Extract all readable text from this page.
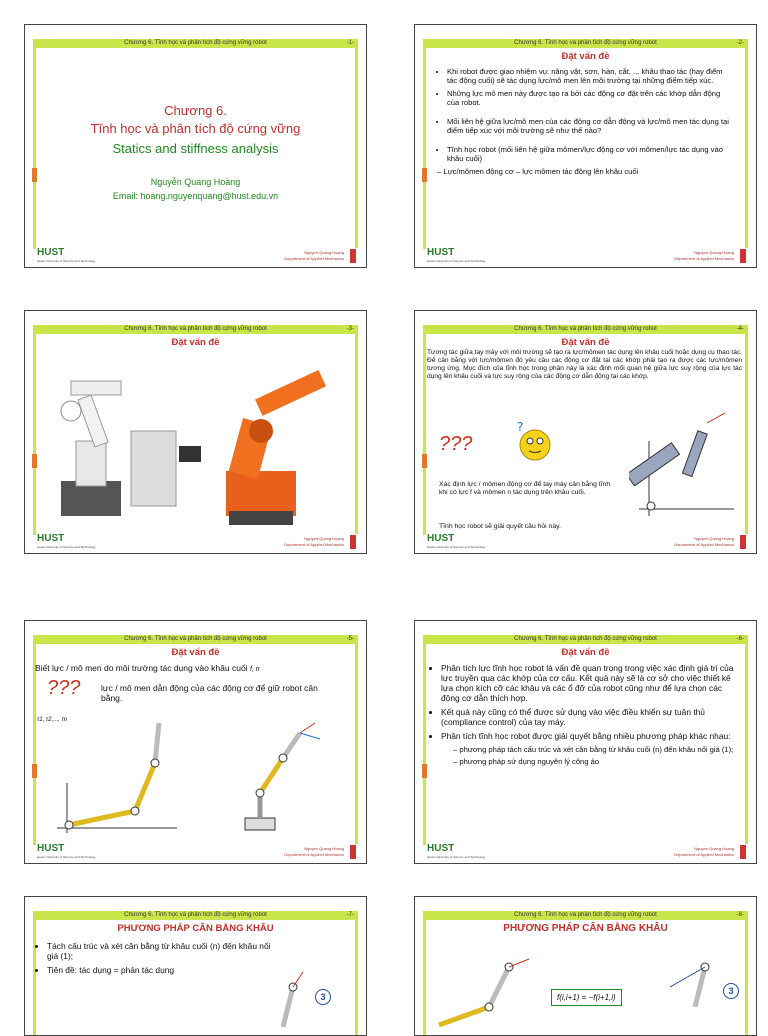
Chương 6. Tĩnh học và phân tích độ cứng vững robot	-1-
Chương 6.
Tĩnh học và phân tích độ cứng vững
Statics and stiffness analysis
Nguyễn Quang Hoàng
Email: hoang.nguyenquang@hust.edu.vn
HUST
Hanoi University of Science and Technology
Nguyen Quang Hoang
Department of Applied Mechanics
Chương 6. Tĩnh học và phân tích độ cứng vững robot	-2-
Đặt vấn đề
• Khi robot được giao nhiệm vụ: nâng vật, sơn, hàn, cắt, ... khâu thao tác (hay điểm tác động cuối) sẽ tác dụng lực/mô men lên môi trường tại những điểm tiếp xúc.
• Những lực mô men này được tạo ra bởi các động cơ đặt trên các khớp dẫn động của robot.
• Mối liên hệ giữa lực/mô men của các động cơ dẫn động và lực/mô men tác dụng tại điểm tiếp xúc với môi trường sẽ như thế nào?
• Tĩnh học robot (mối liên hệ giữa mômen/lực động cơ với mômen/lực tác dụng vào khâu cuối)
– Lực/mômen động cơ – lực mômen tác động lên khâu cuối
HUST
Hanoi University of Science and Technology
Nguyen Quang Hoang
Department of Applied Mechanics
Chương 6. Tĩnh học và phân tích độ cứng vững robot	-3-
Đặt vấn đề
HUST
Hanoi University of Science and Technology
Nguyen Quang Hoang
Department of Applied Mechanics
Chương 6. Tĩnh học và phân tích độ cứng vững robot	-4-
Đặt vấn đề
Tương tác giữa tay máy với môi trường sẽ tạo ra lực/mômen tác dụng lên khâu cuối hoặc dụng cụ thao tác. Để cân bằng với lực/mômen đó yêu cầu các động cơ đặt tại các khớp phải tạo ra được các lực/mômen tương ứng. Mục đích của tĩnh học trong phần này là xác định mối quan hệ giữa lực suy rộng của lực tác dụng lên khâu cuối và lực suy rộng của các động cơ dẫn động tại các khớp.
???
?
Xác định lực / mômen động cơ để tay máy cân bằng tĩnh khi có lực f và mômen n tác dụng trên khâu cuối.
Tĩnh học robot sẽ giải quyết câu hỏi này.
HUST
Hanoi University of Science and Technology
Nguyen Quang Hoang
Department of Applied Mechanics
Chương 6. Tĩnh học và phân tích độ cứng vững robot	-5-
Đặt vấn đề
Biết lực / mô men do môi trường tác dụng vào khâu cuối f, n
??? lực / mô men dẫn động của các động cơ để giữ robot cân bằng.
τ1, τ2,..., τn
HUST
Hanoi University of Science and Technology
Nguyen Quang Hoang
Department of Applied Mechanics
Chương 6. Tĩnh học và phân tích độ cứng vững robot	-6-
Đặt vấn đề
• Phân tích lực tĩnh học robot là vấn đề quan trọng trong việc xác định giá trị của lực truyền qua các khớp của cơ cấu. Kết quả này sẽ là cơ sở cho việc thiết kế lựa chọn kích cỡ các khâu và các ổ đỡ của robot cũng như để lựa chọn các động cơ dẫn thích hợp.
• Kết quả này cũng có thể được sử dụng vào việc điều khiển sự tuân thủ (compliance control) của tay máy.
• Phân tích tĩnh học robot được giải quyết bằng nhiều phương pháp khác nhau:
– phương pháp tách cấu trúc và xét cân bằng từ khâu cuối (n) đến khâu nối giá (1);
– phương pháp sử dụng nguyên lý công ảo
HUST
Hanoi University of Science and Technology
Nguyen Quang Hoang
Department of Applied Mechanics
Chương 6. Tĩnh học và phân tích độ cứng vững robot	-7-
PHƯƠNG PHÁP CÂN BẰNG KHÂU
• Tách cấu trúc và xét cân bằng từ khâu cuối (n) đến khâu nối giá (1);
• Tiên đề: tác dụng = phản tác dụng
3
Chương 6. Tĩnh học và phân tích độ cứng vững robot	-8-
PHƯƠNG PHÁP CÂN BẰNG KHÂU
f(i,i+1) = −f(i+1,i)
3
